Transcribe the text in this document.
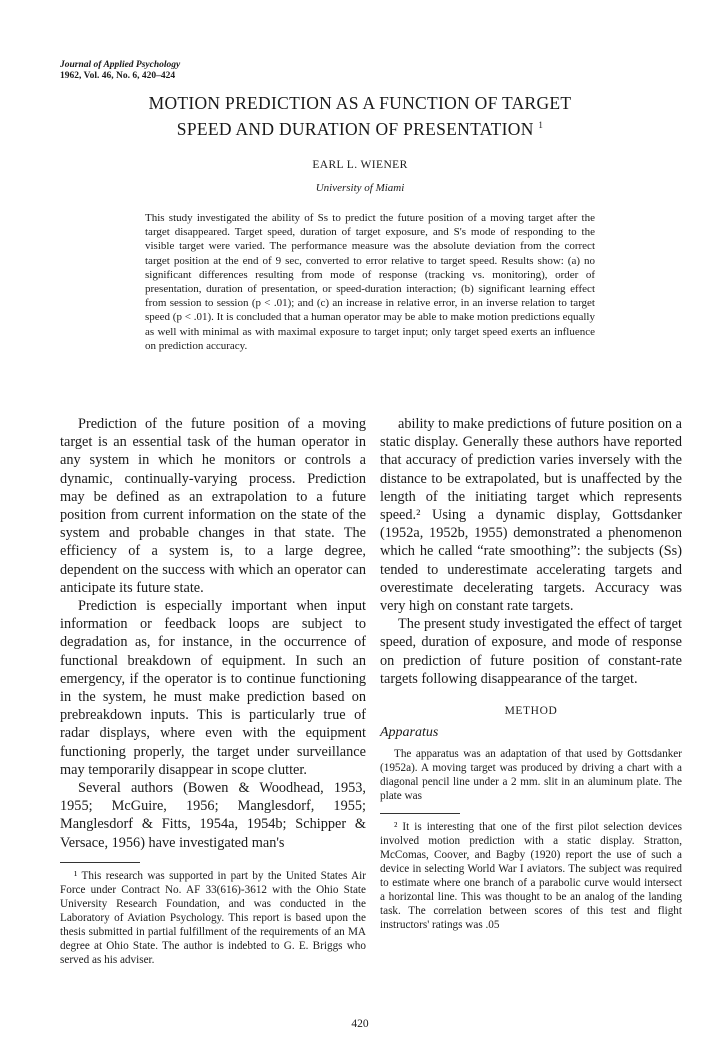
Journal of Applied Psychology
1962, Vol. 46, No. 6, 420–424
MOTION PREDICTION AS A FUNCTION OF TARGET
SPEED AND DURATION OF PRESENTATION $^1$
EARL L. WIENER
University of Miami
This study investigated the ability of Ss to predict the future position of a moving target after the target disappeared. Target speed, duration of target exposure, and S's mode of responding to the visible target were varied. The performance measure was the absolute deviation from the correct target position at the end of 9 sec, converted to error relative to target speed. Results show: (a) no significant differences resulting from mode of response (tracking vs. monitoring), order of presentation, duration of presentation, or speed-duration interaction; (b) significant learning effect from session to session (p < .01); and (c) an increase in relative error, in an inverse relation to target speed (p < .01). It is concluded that a human operator may be able to make motion predictions equally as well with minimal as with maximal exposure to target input; only target speed exerts an influence on prediction accuracy.

Prediction of the future position of a moving target is an essential task of the human operator in any system in which he monitors or controls a dynamic, continually-varying process. Prediction may be defined as an extrapolation to a future position from current information on the state of the system and probable changes in that state. The efficiency of a system is, to a large degree, dependent on the success with which an operator can anticipate its future state.

Prediction is especially important when input information or feedback loops are subject to degradation as, for instance, in the occurrence of functional breakdown of equipment. In such an emergency, if the operator is to continue functioning in the system, he must make prediction based on prebreakdown inputs. This is particularly true of radar displays, where even with the equipment functioning properly, the target under surveillance may temporarily disappear in scope clutter.

Several authors (Bowen & Woodhead, 1953, 1955; McGuire, 1956; Manglesdorf, 1955; Manglesdorf & Fitts, 1954a, 1954b; Schipper & Versace, 1956) have investigated man's

¹ This research was supported in part by the United States Air Force under Contract No. AF 33(616)-3612 with the Ohio State University Research Foundation, and was conducted in the Laboratory of Aviation Psychology. This report is based upon the thesis submitted in partial fulfillment of the requirements of an MA degree at Ohio State. The author is indebted to G. E. Briggs who served as his adviser.

ability to make predictions of future position on a static display. Generally these authors have reported that accuracy of prediction varies inversely with the distance to be extrapolated, but is unaffected by the length of the initiating target which represents speed.² Using a dynamic display, Gottsdanker (1952a, 1952b, 1955) demonstrated a phenomenon which he called “rate smoothing”: the subjects (Ss) tended to underestimate accelerating targets and overestimate decelerating targets. Accuracy was very high on constant rate targets.

The present study investigated the effect of target speed, duration of exposure, and mode of response on prediction of future position of constant-rate targets following disappearance of the target.

METHOD
Apparatus

The apparatus was an adaptation of that used by Gottsdanker (1952a). A moving target was produced by driving a chart with a diagonal pencil line under a 2 mm. slit in an aluminum plate. The plate was

² It is interesting that one of the first pilot selection devices involved motion prediction with a static display. Stratton, McComas, Coover, and Bagby (1920) report the use of such a device in selecting World War I aviators. The subject was required to estimate where one branch of a parabolic curve would intersect a horizontal line. This was thought to be an analog of the landing task. The correlation between scores of this test and flight instructors' ratings was .05

420
